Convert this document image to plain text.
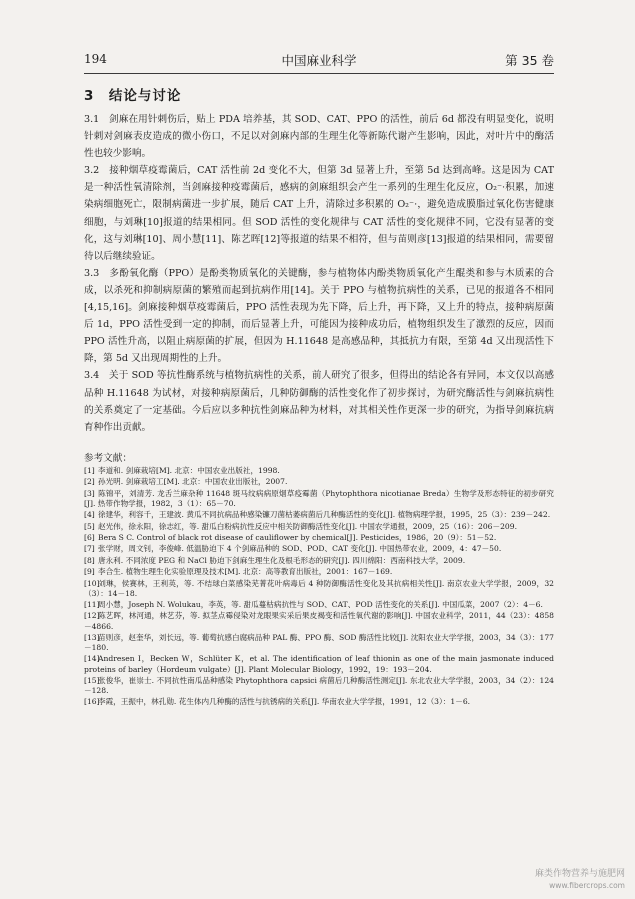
194	中国麻业科学	第 35 卷
3　结论与讨论
3.1　剑麻在用针刺伤后，贴上 PDA 培养基，其 SOD、CAT、PPO 的活性，前后 6d 都没有明显变化，说明针刺对剑麻表皮造成的微小伤口，不足以对剑麻内部的生理生化等新陈代谢产生影响，因此，对叶片中的酶活性也较少影响。
3.2　接种烟草疫霉菌后，CAT 活性前 2d 变化不大，但第 3d 显著上升，至第 5d 达到高峰。这是因为 CAT 是一种活性氧清除剂，当剑麻接种疫霉菌后，感病的剑麻组织会产生一系列的生理生化反应，O₂⁻·积累，加速染病细胞死亡，限制病菌进一步扩展，随后 CAT 上升，清除过多积累的 O₂⁻·，避免造成膜脂过氧化伤害健康细胞，与刘琳[10]报道的结果相同。但 SOD 活性的变化规律与 CAT 活性的变化规律不同，它没有显著的变化，这与刘琳[10]、周小慧[11]、陈艺晖[12]等报道的结果不相符，但与苗则彦[13]报道的结果相同，需要留待以后继续验证。
3.3　多酚氧化酶（PPO）是酚类物质氧化的关键酶，参与植物体内酚类物质氧化产生醌类和参与木质素的合成，以杀死和抑制病原菌的繁殖而起到抗病作用[14]。关于 PPO 与植物抗病性的关系，已见的报道各不相同[4,15,16]。剑麻接种烟草疫霉菌后，PPO 活性表现为先下降，后上升，再下降，又上升的特点，接种病原菌后 1d，PPO 活性受到一定的抑制，而后显著上升，可能因为接种成功后，植物组织发生了激烈的反应，因而 PPO 活性升高，以阻止病原菌的扩展，但因为 H.11648 是高感品种，其抵抗力有限，至第 4d 又出现活性下降，第 5d 又出现周期性的上升。
3.4　关于 SOD 等抗性酶系统与植物抗病性的关系，前人研究了很多，但得出的结论各有异同，本文仅以高感品种 H.11648 为试材，对接种病原菌后，几种防御酶的活性变化作了初步探讨，为研究酶活性与剑麻抗病性的关系奠定了一定基础。今后应以多种抗性剑麻品种为材料，对其相关性作更深一步的研究，为指导剑麻抗病育种作出贡献。
参考文献：
[1] 李道和. 剑麻栽培[M]. 北京：中国农业出版社，1998.
[2] 孙光明. 剑麻栽培工[M]. 北京：中国农业出版社，2007.
[3] 陈锦平，刘清芳. 龙舌兰麻杂种 11648 斑马纹病病原烟草疫霉菌（Phytophthora nicotianae Breda）生物学及形态特征的初步研究[J]. 热带作物学报，1982，3（1）：65－70.
[4] 徐建华，利容千，王建波. 黄瓜不同抗病品种感染镰刀菌枯萎病菌后几种酶活性的变化[J]. 植物病理学报，1995，25（3）：239－242.
[5] 赵光伟，徐永阳，徐志红，等. 甜瓜白粉病抗性反应中相关防御酶活性变化[J]. 中国农学通报，2009，25（16）：206－209.
[6] Bera S C. Control of black rot disease of cauliflower by chemical[J]. Pesticides，1986，20（9）：51－52.
[7] 张学财，周文钊，李俊峰. 低温胁迫下 4 个剑麻品种的 SOD、POD、CAT 变化[J]. 中国热带农业，2009，4：47－50.
[8] 唐永利. 不同浓度 PEG 和 NaCl 胁迫下剑麻生理生化及根毛形态的研究[J]. 四川绵阳：西南科技大学，2009.
[9] 李合生. 植物生理生化实验原理及技术[M]. 北京：高等教育出版社，2001：167－169.
[10]刘琳，侯赛林，王利英，等. 不结球白菜感染芜菁花叶病毒后 4 种防御酶活性变化及其抗病相关性[J]. 南京农业大学学报，2009，32（3）：14－18.
[11]周小慧，Joseph N. Wolukau，李英，等. 甜瓜蔓枯病抗性与 SOD、CAT、POD 活性变化的关系[J]. 中国瓜菜，2007（2）：4－6.
[12]陈艺晖，林河通，林艺芬，等. 拟茎点霉侵染对龙眼果实采后果皮褐变和活性氧代谢的影响[J]. 中国农业科学，2011，44（23）：4858－4866.
[13]苗则彦，赵奎华，刘长远，等. 葡萄抗感白腐病品种 PAL 酶、PPO 酶、SOD 酶活性比较[J]. 沈阳农业大学学报，2003，34（3）：177－180.
[14]Andresen I，Becken W，Schlüter K，et al. The identification of leaf thionin as one of the main jasmonate induced proteins of barley（Hordeum vulgate）[J]. Plant Molecular Biology，1992，19：193－204.
[15]张俊华，崔崇士. 不同抗性南瓜品种感染 Phytophthora capsici 病菌后几种酶活性测定[J]. 东北农业大学学报，2003，34（2）：124－128.
[16]李霞，王振中，林孔勋. 花生体内几种酶的活性与抗锈病的关系[J]. 华南农业大学学报，1991，12（3）：1－6.
麻类作物营养与施肥网
www.fibercrops.com
